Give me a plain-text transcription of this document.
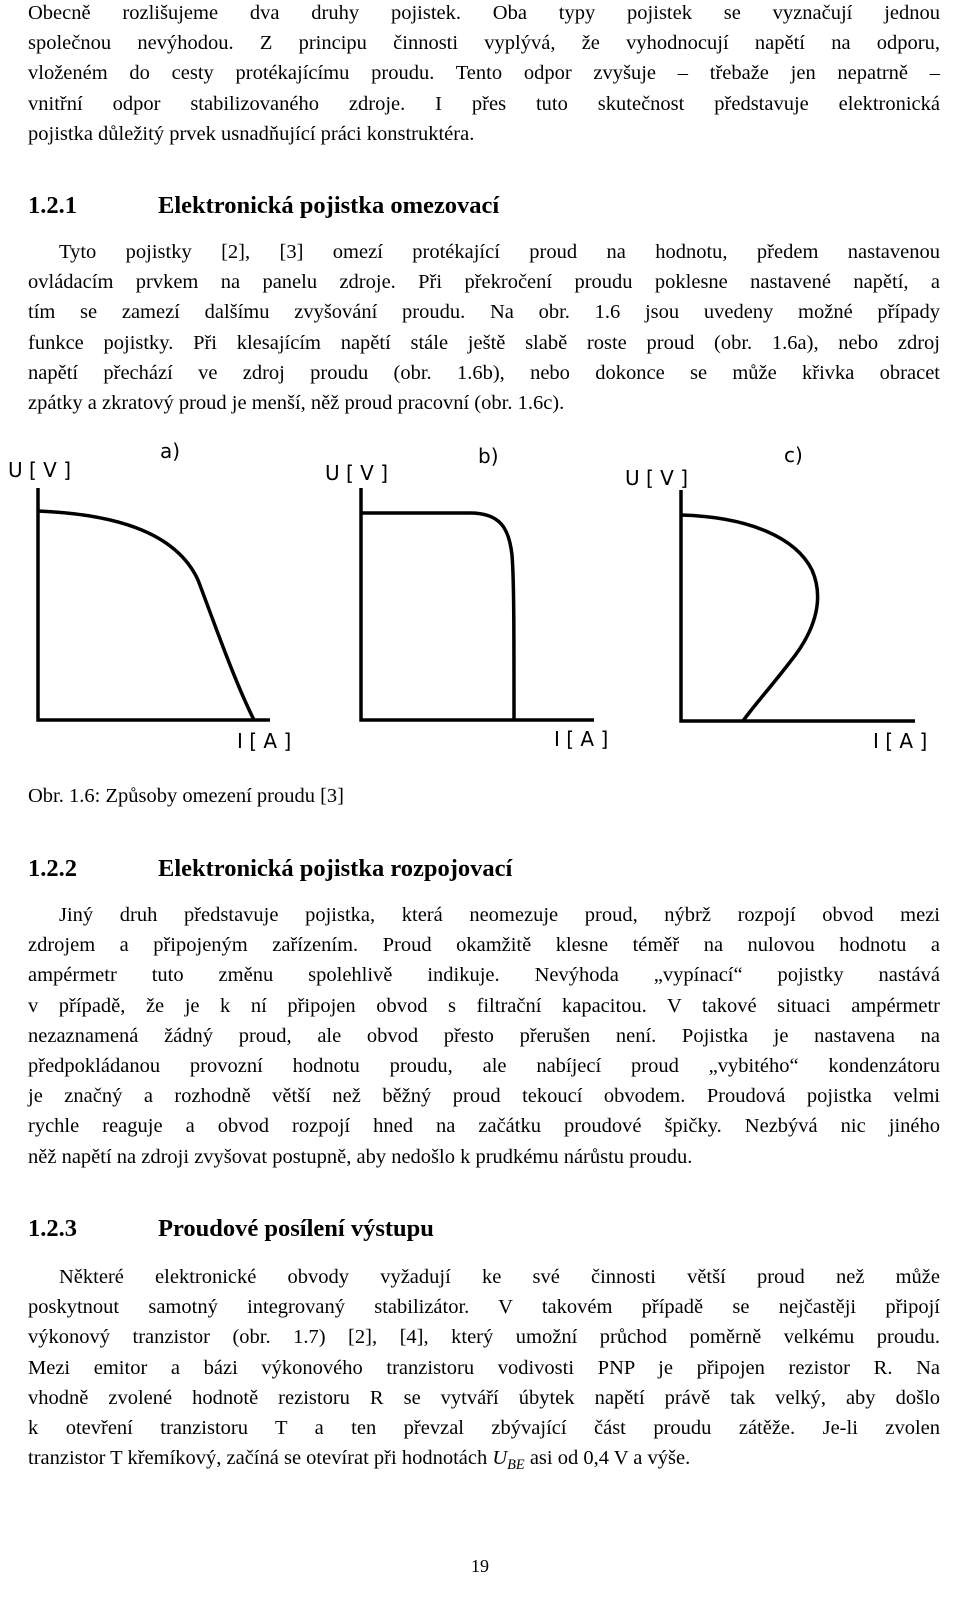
Obecně rozlišujeme dva druhy pojistek. Oba typy pojistek se vyznačují jednou
společnou nevýhodou. Z principu činnosti vyplývá, že vyhodnocují napětí na odporu,
vloženém do cesty protékajícímu proudu. Tento odpor zvyšuje – třebaže jen nepatrně –
vnitřní odpor stabilizovaného zdroje. I přes tuto skutečnost představuje elektronická
pojistka důležitý prvek usnadňující práci konstruktéra.
1.2.1	Elektronická pojistka omezovací
Tyto pojistky [2], [3] omezí protékající proud na hodnotu, předem nastavenou
ovládacím prvkem na panelu zdroje. Při překročení proudu poklesne nastavené napětí, a
tím se zamezí dalšímu zvyšování proudu. Na obr. 1.6 jsou uvedeny možné případy
funkce pojistky. Při klesajícím napětí stále ještě slabě roste proud (obr. 1.6a), nebo zdroj
napětí přechází ve zdroj proudu (obr. 1.6b), nebo dokonce se může křivka obracet
zpátky a zkratový proud je menší, něž proud pracovní (obr. 1.6c).
U [ V ]
a)
I [ A ]
U [ V ]
b)
I [ A ]
U [ V ]
c)
I [ A ]

Obr. 1.6: Způsoby omezení proudu [3]

1.2.2	Elektronická pojistka rozpojovací
Jiný druh představuje pojistka, která neomezuje proud, nýbrž rozpojí obvod mezi
zdrojem a připojeným zařízením. Proud okamžitě klesne téměř na nulovou hodnotu a
ampérmetr tuto změnu spolehlivě indikuje. Nevýhoda „vypínací“ pojistky nastává
v případě, že je k ní připojen obvod s filtrační kapacitou. V takové situaci ampérmetr
nezaznamená žádný proud, ale obvod přesto přerušen není. Pojistka je nastavena na
předpokládanou provozní hodnotu proudu, ale nabíjecí proud „vybitého“ kondenzátoru
je značný a rozhodně větší než běžný proud tekoucí obvodem. Proudová pojistka velmi
rychle reaguje a obvod rozpojí hned na začátku proudové špičky. Nezbývá nic jiného
něž napětí na zdroji zvyšovat postupně, aby nedošlo k prudkému nárůstu proudu.
1.2.3	Proudové posílení výstupu
Některé elektronické obvody vyžadují ke své činnosti větší proud než může
poskytnout samotný integrovaný stabilizátor. V takovém případě se nejčastěji připojí
výkonový tranzistor (obr. 1.7) [2], [4], který umožní průchod poměrně velkému proudu.
Mezi emitor a bázi výkonového tranzistoru vodivosti PNP je připojen rezistor R. Na
vhodně zvolené hodnotě rezistoru R se vytváří úbytek napětí právě tak velký, aby došlo
k otevření tranzistoru T a ten převzal zbývající část proudu zátěže. Je-li zvolen
tranzistor T křemíkový, začíná se otevírat při hodnotách $U_{BE}$ asi od 0,4 V a výše.
19
